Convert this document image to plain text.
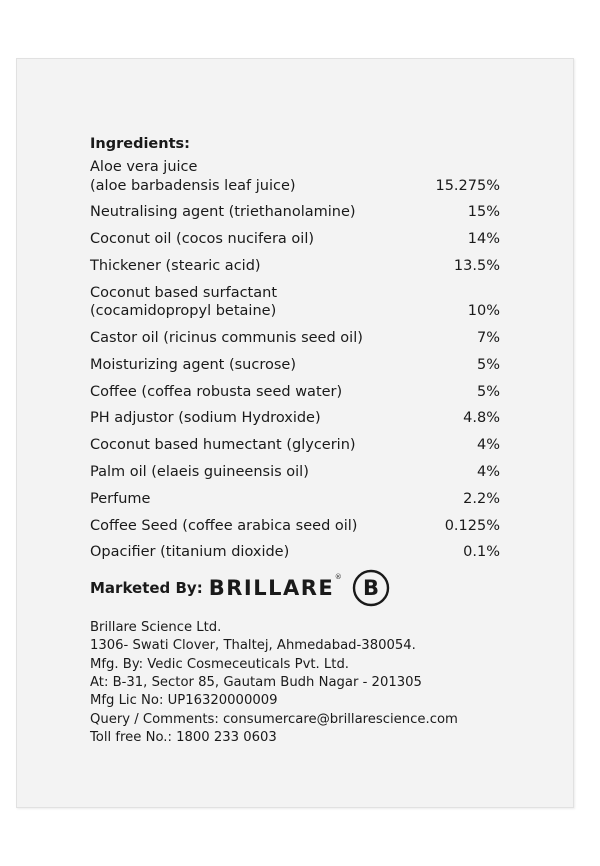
Ingredients:
Aloe vera juice
(aloe barbadensis leaf juice)	15.275%
Neutralising agent (triethanolamine)	15%
Coconut oil (cocos nucifera oil)	14%
Thickener (stearic acid)	13.5%
Coconut based surfactant
(cocamidopropyl betaine)	10%
Castor oil (ricinus communis seed oil)	7%
Moisturizing agent (sucrose)	5%
Coffee (coffea robusta seed water)	5%
PH adjustor (sodium Hydroxide)	4.8%
Coconut based humectant (glycerin)	4%
Palm oil (elaeis guineensis oil)	4%
Perfume	2.2%
Coffee Seed (coffee arabica seed oil)	0.125%
Opacifier (titanium dioxide)	0.1%
Marketed By: BRILLARE ® B
Brillare Science Ltd.
1306- Swati Clover, Thaltej, Ahmedabad-380054.
Mfg. By: Vedic Cosmeceuticals Pvt. Ltd.
At: B-31, Sector 85, Gautam Budh Nagar - 201305
Mfg Lic No: UP16320000009
Query / Comments: consumercare@brillarescience.com
Toll free No.: 1800 233 0603
